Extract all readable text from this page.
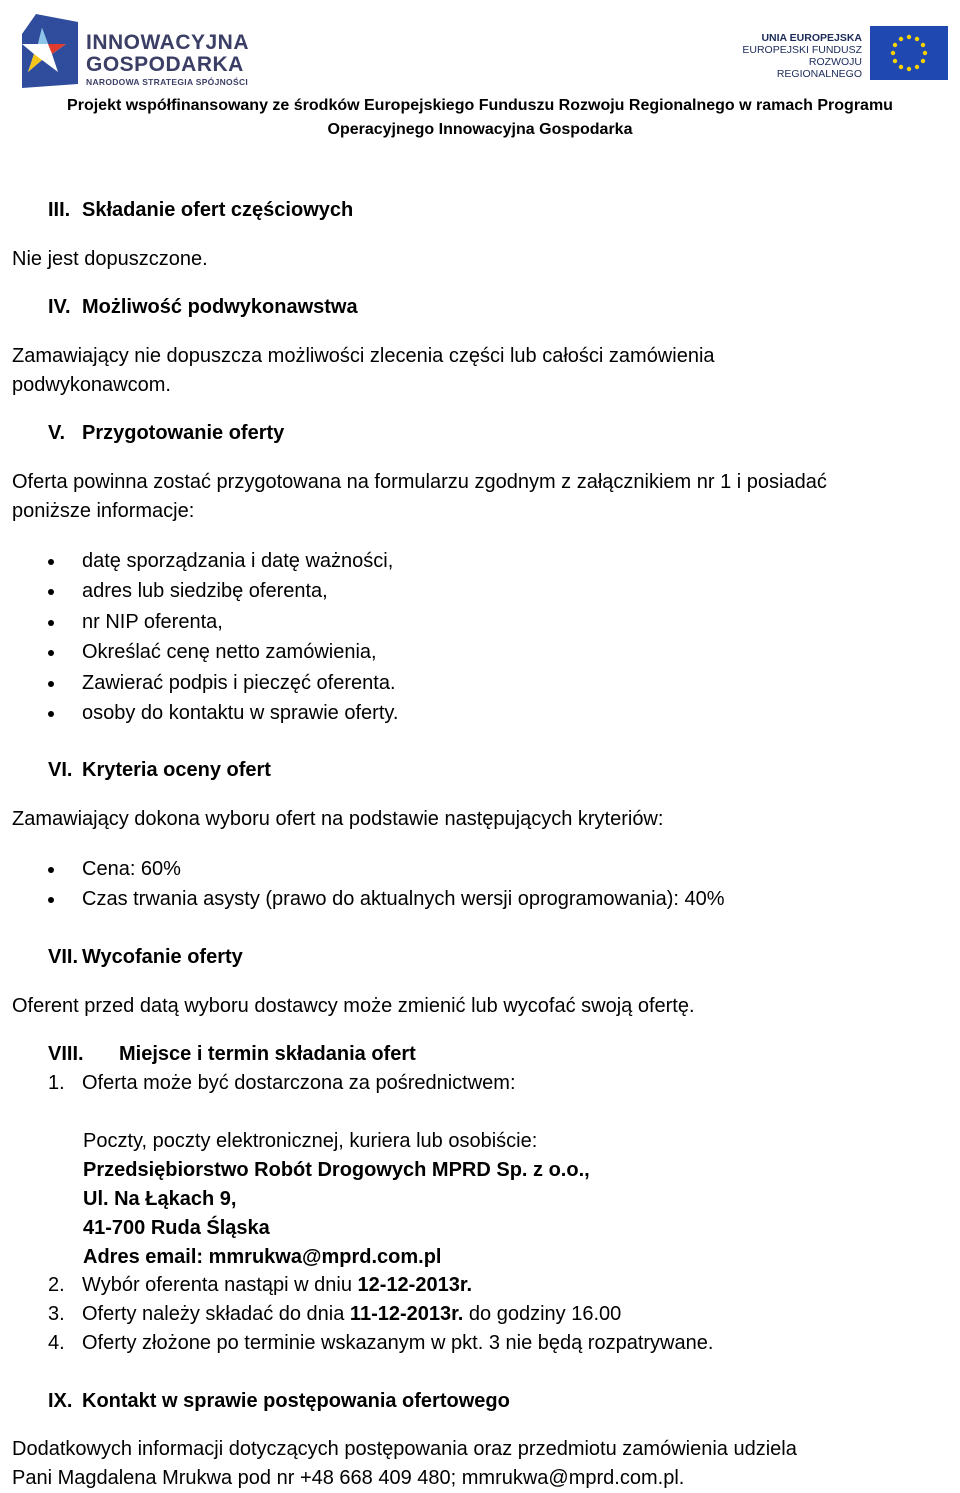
INNOWACYJNA
GOSPODARKA
NARODOWA STRATEGIA SPÓJNOŚCI
UNIA EUROPEJSKA
EUROPEJSKI FUNDUSZ
ROZWOJU REGIONALNEGO
Projekt współfinansowany ze środków Europejskiego Funduszu Rozwoju Regionalnego w ramach Programu
Operacyjnego Innowacyjna Gospodarka
III. Składanie ofert częściowych
Nie jest dopuszczone.
IV. Możliwość podwykonawstwa
Zamawiający nie dopuszcza możliwości zlecenia części lub całości zamówienia
podwykonawcom.
V. Przygotowanie oferty
Oferta powinna zostać przygotowana na formularzu zgodnym z załącznikiem nr 1 i posiadać
poniższe informacje:
datę sporządzania i datę ważności,
adres lub siedzibę oferenta,
nr NIP oferenta,
Określać cenę netto zamówienia,
Zawierać podpis i pieczęć oferenta.
osoby do kontaktu w sprawie oferty.
VI. Kryteria oceny ofert
Zamawiający dokona wyboru ofert na podstawie następujących kryteriów:
Cena: 60%
Czas trwania asysty (prawo do aktualnych wersji oprogramowania): 40%
VII. Wycofanie oferty
Oferent przed datą wyboru dostawcy może zmienić lub wycofać swoją ofertę.
VIII. Miejsce i termin składania ofert
1. Oferta może być dostarczona za pośrednictwem:
Poczty, poczty elektronicznej, kuriera lub osobiście:
Przedsiębiorstwo Robót Drogowych MPRD Sp. z o.o.,
Ul. Na Łąkach 9,
41-700 Ruda Śląska
Adres email: mmrukwa@mprd.com.pl
2. Wybór oferenta nastąpi w dniu 12-12-2013r.
3. Oferty należy składać do dnia 11-12-2013r. do godziny 16.00
4. Oferty złożone po terminie wskazanym w pkt. 3 nie będą rozpatrywane.
IX. Kontakt w sprawie postępowania ofertowego
Dodatkowych informacji dotyczących postępowania oraz przedmiotu zamówienia udziela
Pani Magdalena Mrukwa pod nr +48 668 409 480; mmrukwa@mprd.com.pl.
